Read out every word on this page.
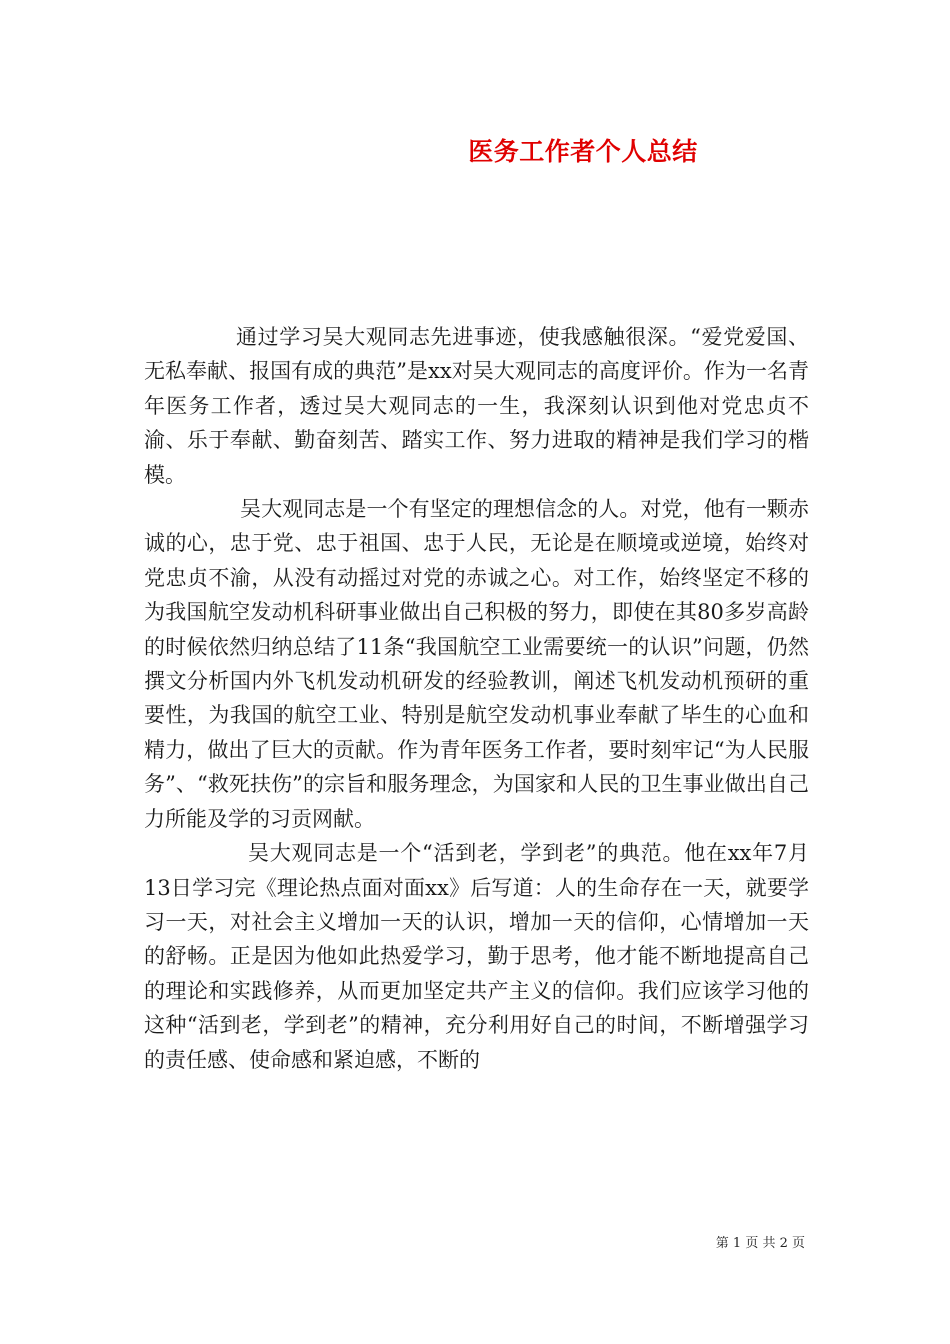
医务工作者个人总结

通过学习吴大观同志先进事迹，使我感触很深。“爱党爱国、无私奉献、报国有成的典范”是xx对吴大观同志的高度评价。作为一名青年医务工作者，透过吴大观同志的一生，我深刻认识到他对党忠贞不渝、乐于奉献、勤奋刻苦、踏实工作、努力进取的精神是我们学习的楷模。

吴大观同志是一个有坚定的理想信念的人。对党，他有一颗赤诚的心，忠于党、忠于祖国、忠于人民，无论是在顺境或逆境，始终对党忠贞不渝，从没有动摇过对党的赤诚之心。对工作，始终坚定不移的为我国航空发动机科研事业做出自己积极的努力，即使在其80多岁高龄的时候依然归纳总结了11条“我国航空工业需要统一的认识”问题，仍然撰文分析国内外飞机发动机研发的经验教训，阐述飞机发动机预研的重要性，为我国的航空工业、特别是航空发动机事业奉献了毕生的心血和精力，做出了巨大的贡献。作为青年医务工作者，要时刻牢记“为人民服务”、“救死扶伤”的宗旨和服务理念，为国家和人民的卫生事业做出自己力所能及学的习贡网献。

吴大观同志是一个“活到老，学到老”的典范。他在xx年7月13日学习完《理论热点面对面xx》后写道：人的生命存在一天，就要学习一天，对社会主义增加一天的认识，增加一天的信仰，心情增加一天的舒畅。正是因为他如此热爱学习，勤于思考，他才能不断地提高自己的理论和实践修养，从而更加坚定共产主义的信仰。我们应该学习他的这种“活到老，学到老”的精神，充分利用好自己的时间，不断增强学习的责任感、使命感和紧迫感，不断的

第 1 页 共 2 页
